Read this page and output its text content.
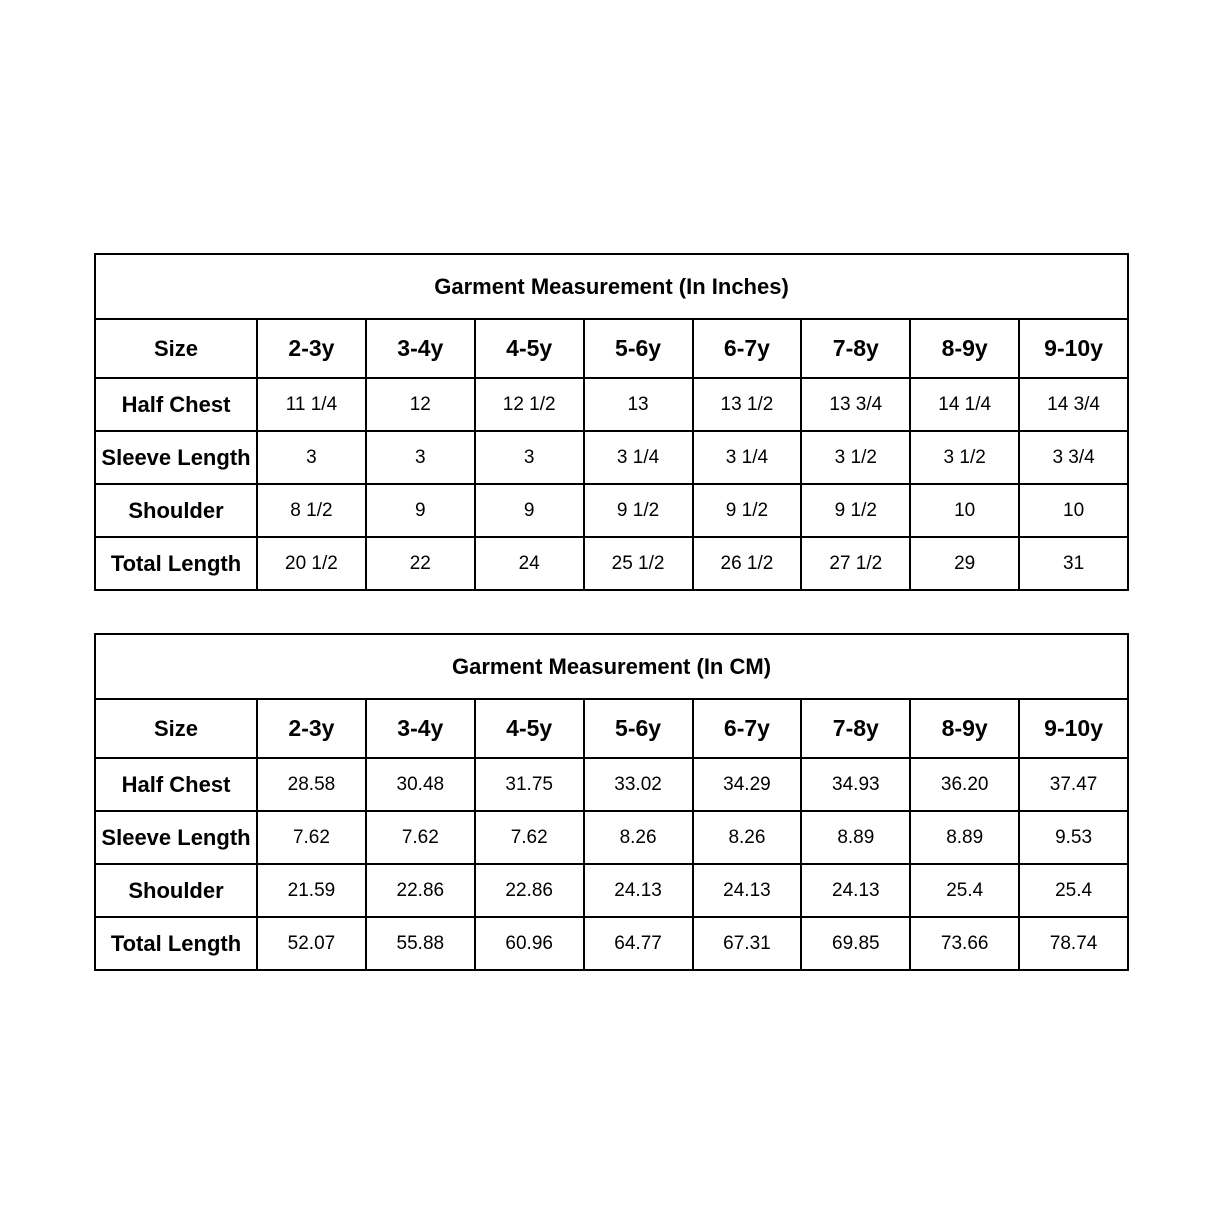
Garment Measurement (In Inches)								
Size	2-3y	3-4y	4-5y	5-6y	6-7y	7-8y	8-9y	9-10y
Half Chest	11 1/4	12	12 1/2	13	13 1/2	13 3/4	14 1/4	14 3/4
Sleeve Length	3	3	3	3 1/4	3 1/4	3 1/2	3 1/2	3 3/4
Shoulder	8 1/2	9	9	9 1/2	9 1/2	9 1/2	10	10
Total Length	20 1/2	22	24	25 1/2	26 1/2	27 1/2	29	31
Garment Measurement (In CM)								
Size	2-3y	3-4y	4-5y	5-6y	6-7y	7-8y	8-9y	9-10y
Half Chest	28.58	30.48	31.75	33.02	34.29	34.93	36.20	37.47
Sleeve Length	7.62	7.62	7.62	8.26	8.26	8.89	8.89	9.53
Shoulder	21.59	22.86	22.86	24.13	24.13	24.13	25.4	25.4
Total Length	52.07	55.88	60.96	64.77	67.31	69.85	73.66	78.74
